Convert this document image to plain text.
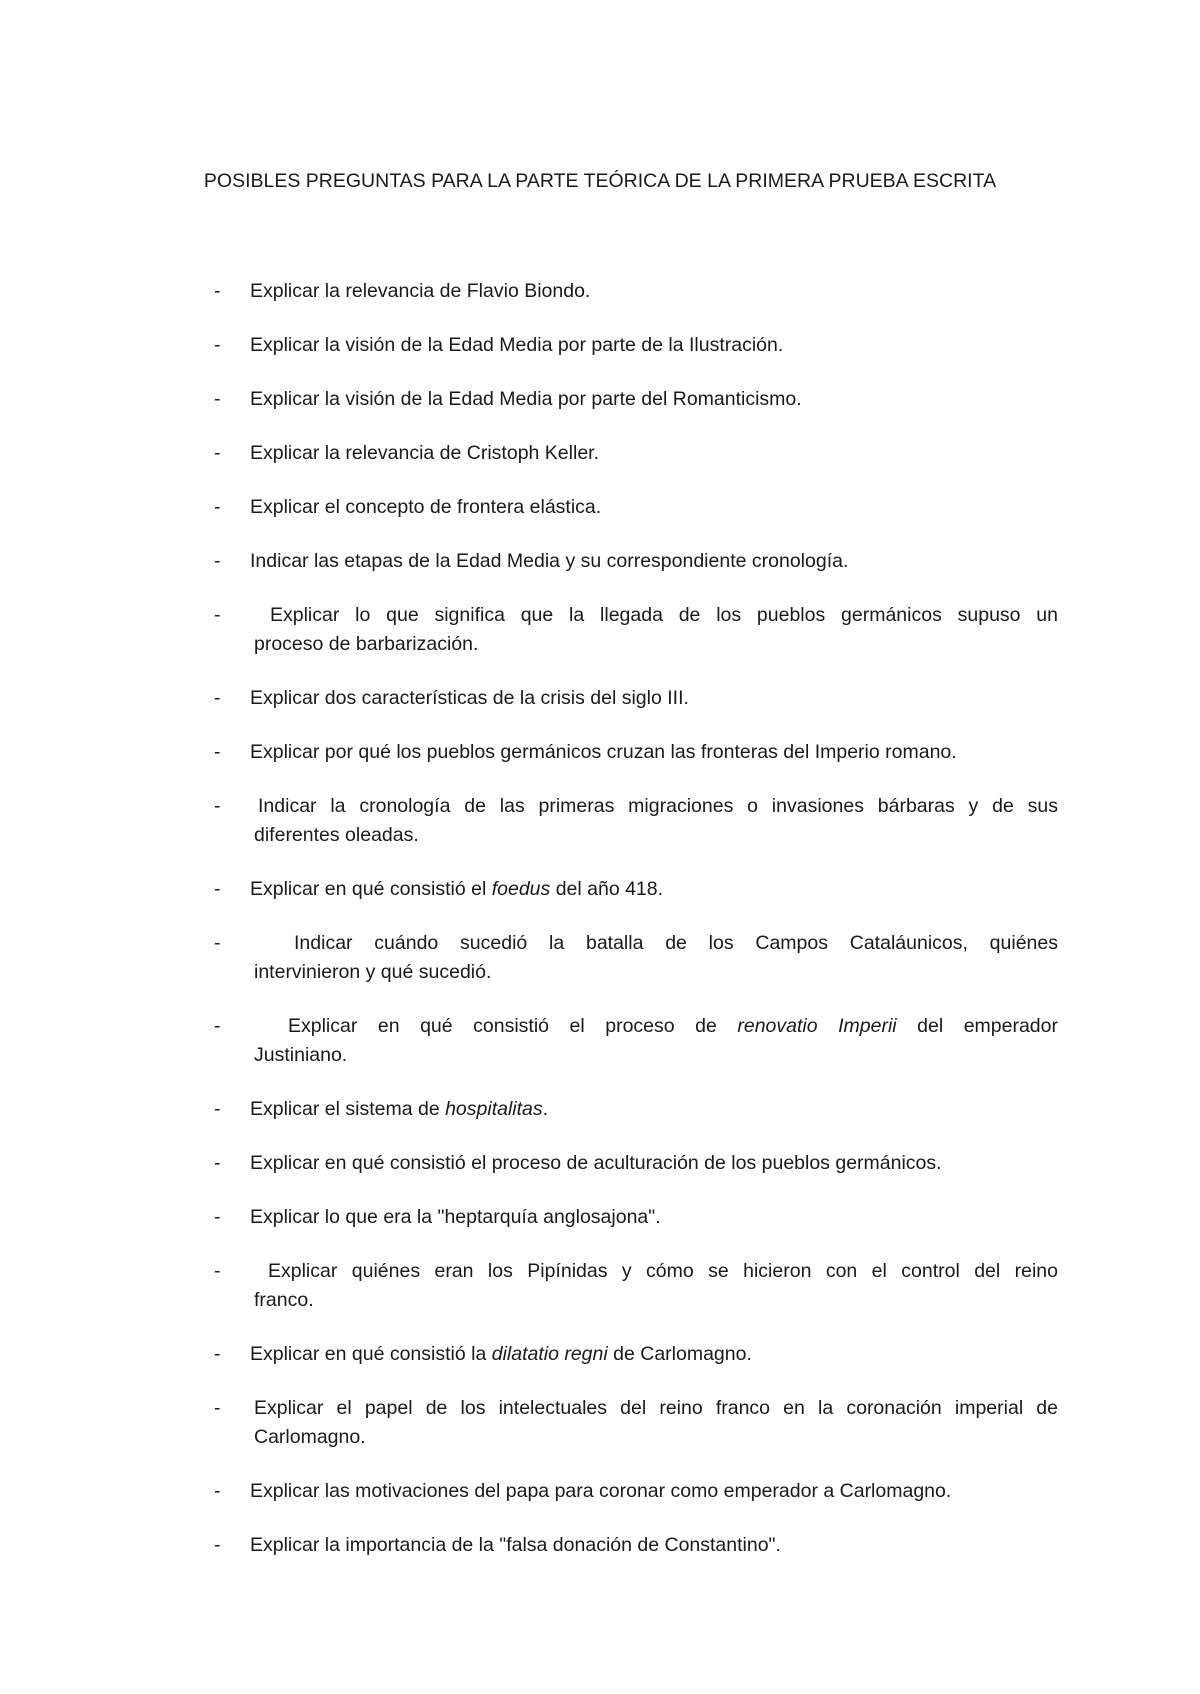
POSIBLES PREGUNTAS PARA LA PARTE TEÓRICA DE LA PRIMERA PRUEBA ESCRITA
-	Explicar la relevancia de Flavio Biondo.
-	Explicar la visión de la Edad Media por parte de la Ilustración.
-	Explicar la visión de la Edad Media por parte del Romanticismo.
-	Explicar la relevancia de Cristoph Keller.
-	Explicar el concepto de frontera elástica.
-	Indicar las etapas de la Edad Media y su correspondiente cronología.
-	Explicar lo que significa que la llegada de los pueblos germánicos supuso un
proceso de barbarización.
-	Explicar dos características de la crisis del siglo III.
-	Explicar por qué los pueblos germánicos cruzan las fronteras del Imperio romano.
-	Indicar la cronología de las primeras migraciones o invasiones bárbaras y de sus
diferentes oleadas.
-	Explicar en qué consistió el foedus del año 418.
-	Indicar cuándo sucedió la batalla de los Campos Cataláunicos, quiénes
intervinieron y qué sucedió.
-	Explicar en qué consistió el proceso de renovatio Imperii del emperador
Justiniano.
-	Explicar el sistema de hospitalitas.
-	Explicar en qué consistió el proceso de aculturación de los pueblos germánicos.
-	Explicar lo que era la "heptarquía anglosajona".
-	Explicar quiénes eran los Pipínidas y cómo se hicieron con el control del reino
franco.
-	Explicar en qué consistió la dilatatio regni de Carlomagno.
-	Explicar el papel de los intelectuales del reino franco en la coronación imperial de
Carlomagno.
-	Explicar las motivaciones del papa para coronar como emperador a Carlomagno.
-	Explicar la importancia de la "falsa donación de Constantino".
